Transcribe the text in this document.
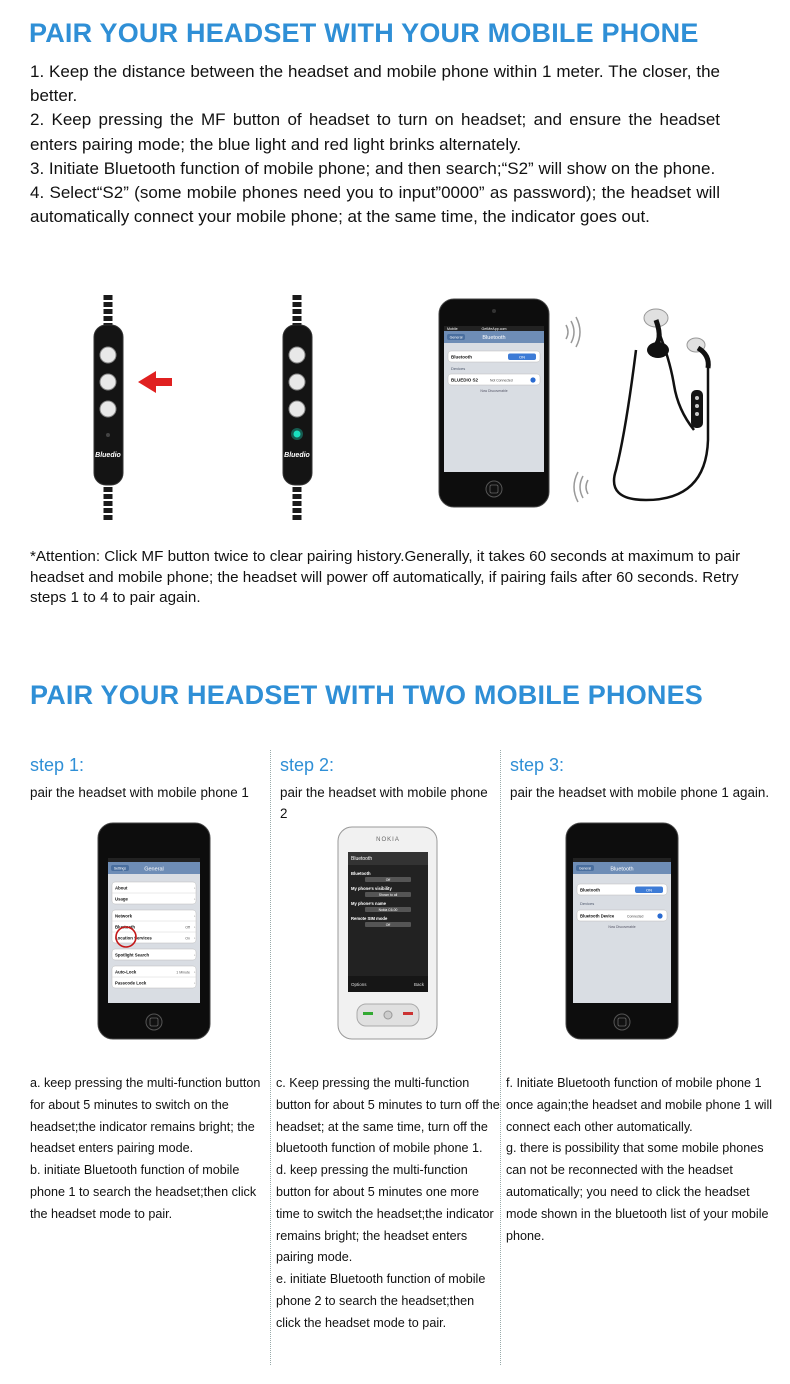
PAIR YOUR HEADSET WITH YOUR MOBILE PHONE

1. Keep the distance between the headset and mobile phone within 1 meter. The closer, the better.

2. Keep pressing the MF button of headset to turn on headset; and ensure the headset enters pairing mode; the blue light and red light brinks alternately.

3. Initiate Bluetooth function of mobile phone; and then search;“S2” will show on the phone.

4. Select“S2” (some mobile phones need you to input”0000” as password); the headset will automatically connect your mobile phone; at the same time, the indicator goes out.

Bluedio	Bluedio
Mobile	GetMeApp.com
General	Bluetooth
Bluetooth	ON
Devices
BLUEDIO S2	Not Connected
Now Discoverable
*Attention: Click MF button twice to clear pairing history.Generally, it takes 60 seconds at maximum to pair headset and mobile phone; the headset will power off automatically, if pairing fails after 60 seconds. Retry steps 1 to 4 to pair again.
PAIR YOUR HEADSET WITH TWO MOBILE PHONES
step 1:
pair the headset with mobile phone 1
Settings	General
About	›
Usage	›
Network	›
Bluetooth	Off ›
Location Services	On ›
Spotlight Search	›
Auto-Lock	1 Minute ›
Passcode Lock	›

a. keep pressing the multi-function button for about 5 minutes to switch on the headset;the indicator remains bright; the headset enters pairing mode.

b. initiate Bluetooth function of mobile phone 1 to search the headset;then click the headset mode to pair.

step 2:
pair the headset with mobile phone 2
NOKIA
Bluetooth
Bluetooth
Off
My phone's visibility
Shown to all
My phone's name
Nokia C6-00
Remote SIM mode
Off
Options	Back

c. Keep pressing the multi-function button for about 5 minutes to turn off the headset; at the same time, turn off the bluetooth function of mobile phone 1.

d. keep pressing the multi-function button for about 5 minutes one more time to switch the headset;the indicator remains bright; the headset enters pairing mode.

e. initiate Bluetooth function of mobile phone 2 to search the headset;then click the headset mode to pair.

step 3:
pair the headset with mobile phone 1 again.
General	Bluetooth
Bluetooth	ON
Devices
Bluetooth Device	Connected
Now Discoverable

f. Initiate Bluetooth function of mobile phone 1 once again;the headset and mobile phone 1 will connect each other automatically.

g. there is possibility that some mobile phones can not be reconnected with the headset automatically; you need to click the headset mode shown in the bluetooth list of your mobile phone.
